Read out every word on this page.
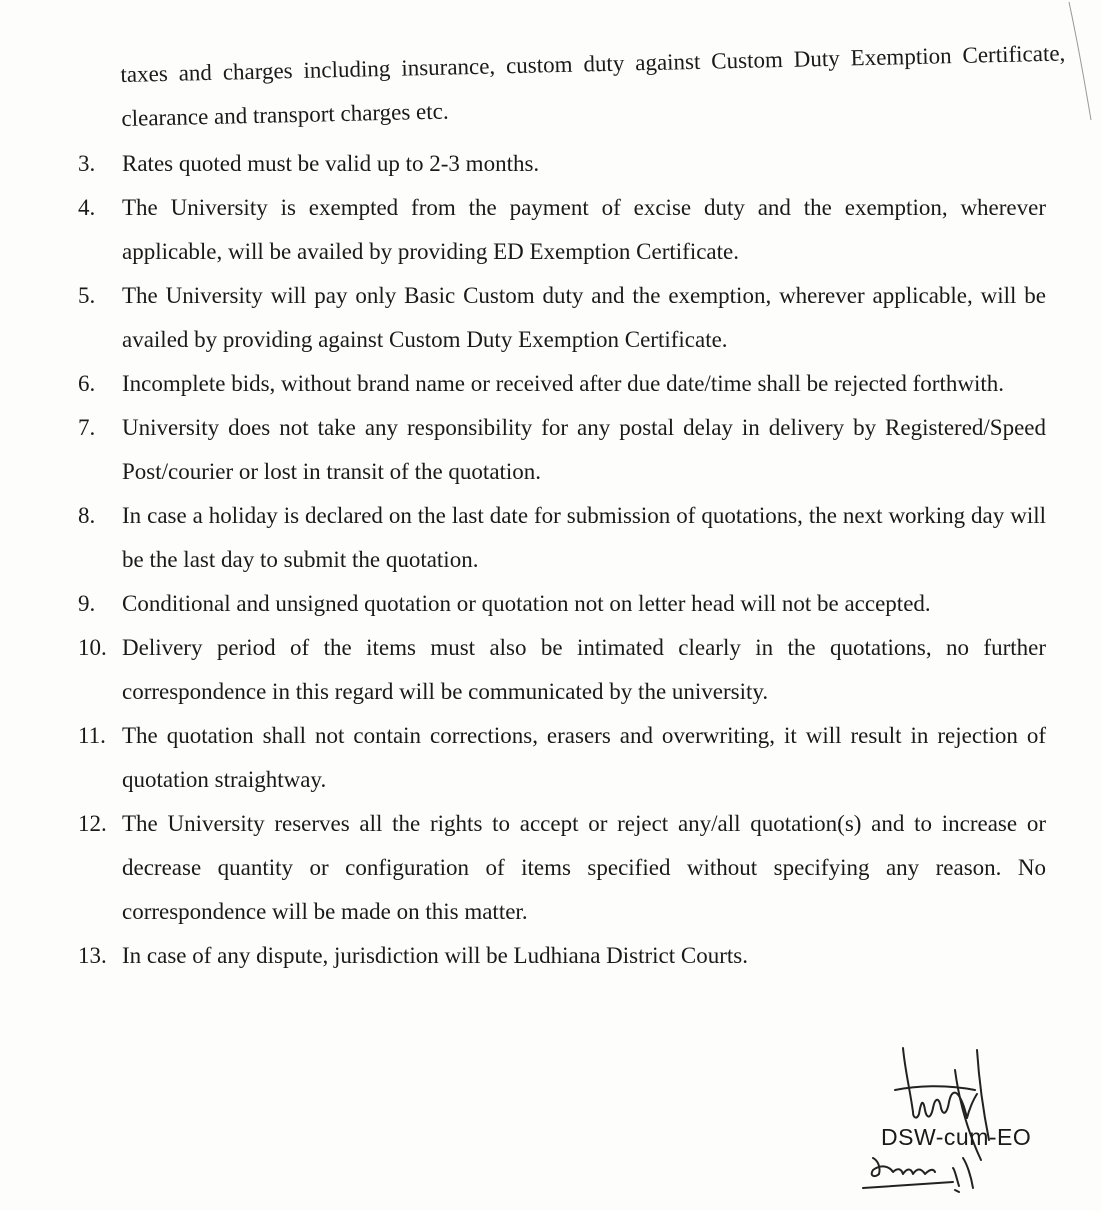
taxes and charges including insurance, custom duty against Custom Duty Exemption Certificate, clearance and transport charges etc.

3.	Rates quoted must be valid up to 2-3 months.
4.	The University is exempted from the payment of excise duty and the exemption, wherever applicable, will be availed by providing ED Exemption Certificate.
5.	The University will pay only Basic Custom duty and the exemption, wherever applicable, will be availed by providing against Custom Duty Exemption Certificate.
6.	Incomplete bids, without brand name or received after due date/time shall be rejected forthwith.
7.	University does not take any responsibility for any postal delay in delivery by Registered/Speed Post/courier or lost in transit of the quotation.
8.	In case a holiday is declared on the last date for submission of quotations, the next working day will be the last day to submit the quotation.
9.	Conditional and unsigned quotation or quotation not on letter head will not be accepted.
10. Delivery period of the items must also be intimated clearly in the quotations, no further correspondence in this regard will be communicated by the university.
11. The quotation shall not contain corrections, erasers and overwriting, it will result in rejection of quotation straightway.
12. The University reserves all the rights to accept or reject any/all quotation(s) and to increase or decrease quantity or configuration of items specified without specifying any reason. No correspondence will be made on this matter.
13. In case of any dispute, jurisdiction will be Ludhiana District Courts.
DSW-cum-EO
